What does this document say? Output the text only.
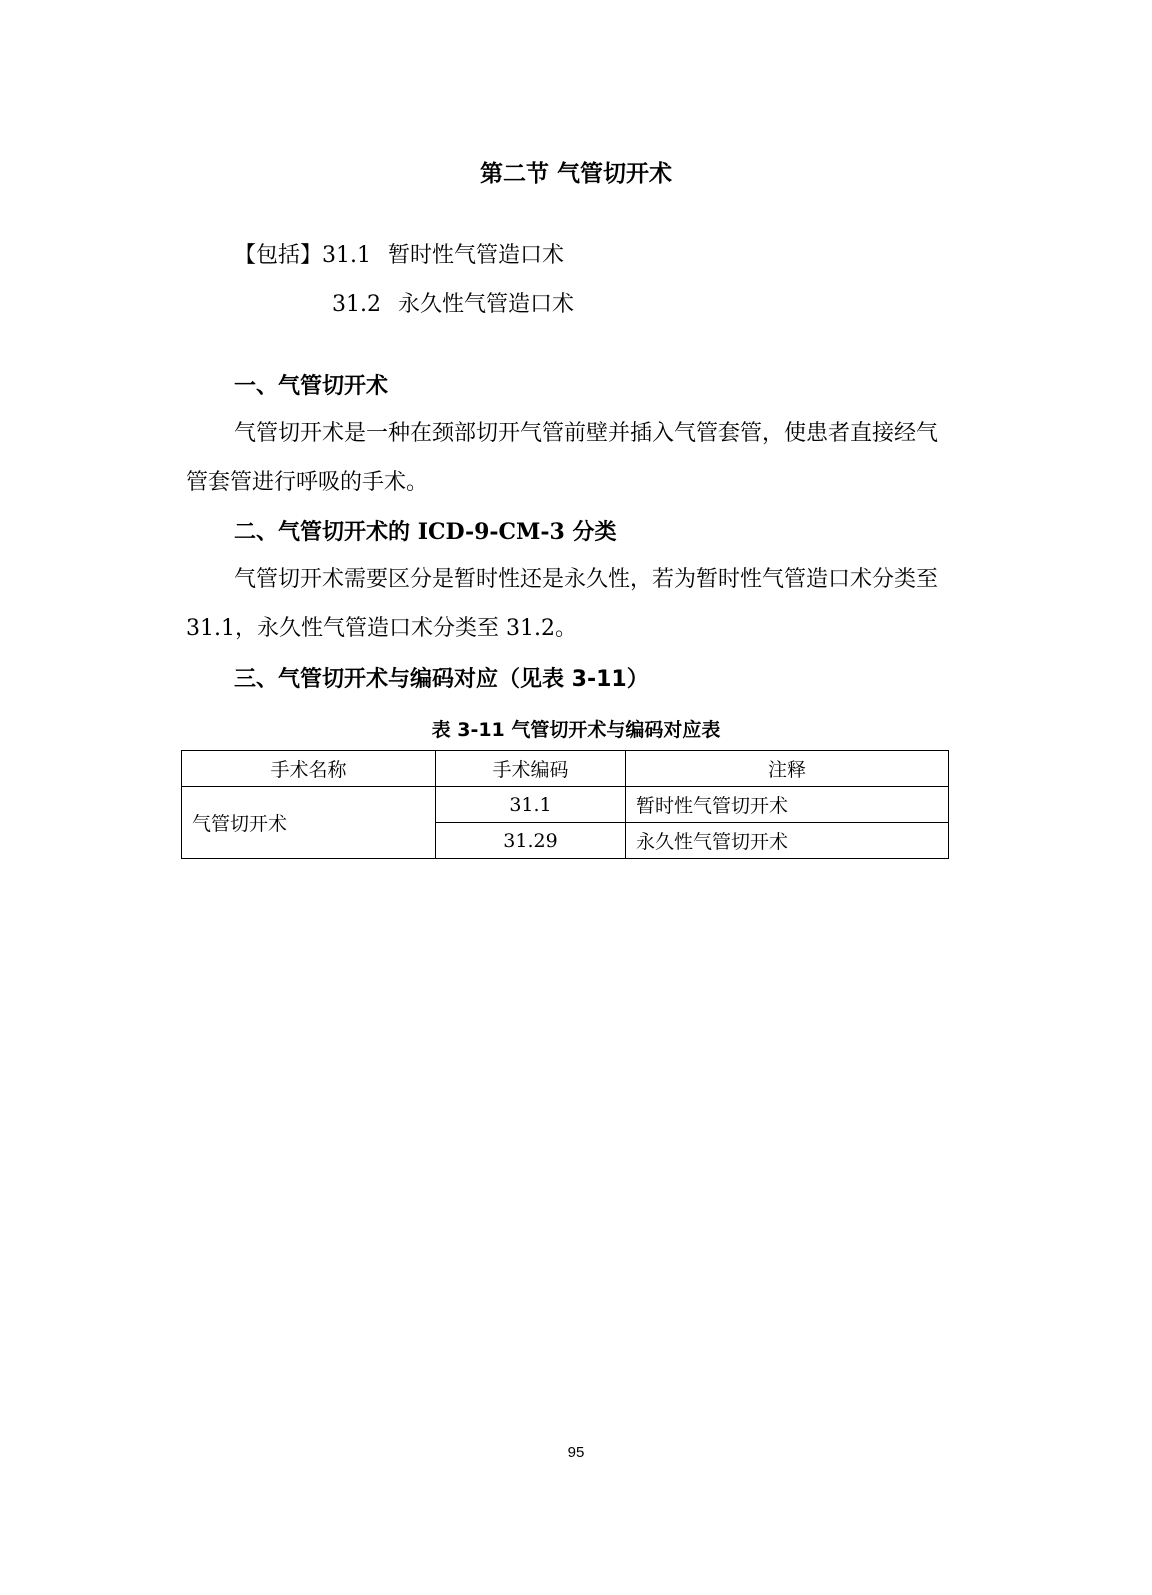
第二节 气管切开术
【包括】31.1 暂时性气管造口术
31.2 永久性气管造口术
一、气管切开术
气管切开术是一种在颈部切开气管前壁并插入气管套管，使患者直接经气管套管进行呼吸的手术。
二、气管切开术的 ICD-9-CM-3 分类
气管切开术需要区分是暂时性还是永久性，若为暂时性气管造口术分类至 31.1，永久性气管造口术分类至 31.2。
三、气管切开术与编码对应（见表 3-11）
表 3-11 气管切开术与编码对应表
手术名称	手术编码	注释
气管切开术	31.1	暂时性气管切开术
	31.29	永久性气管切开术
95
